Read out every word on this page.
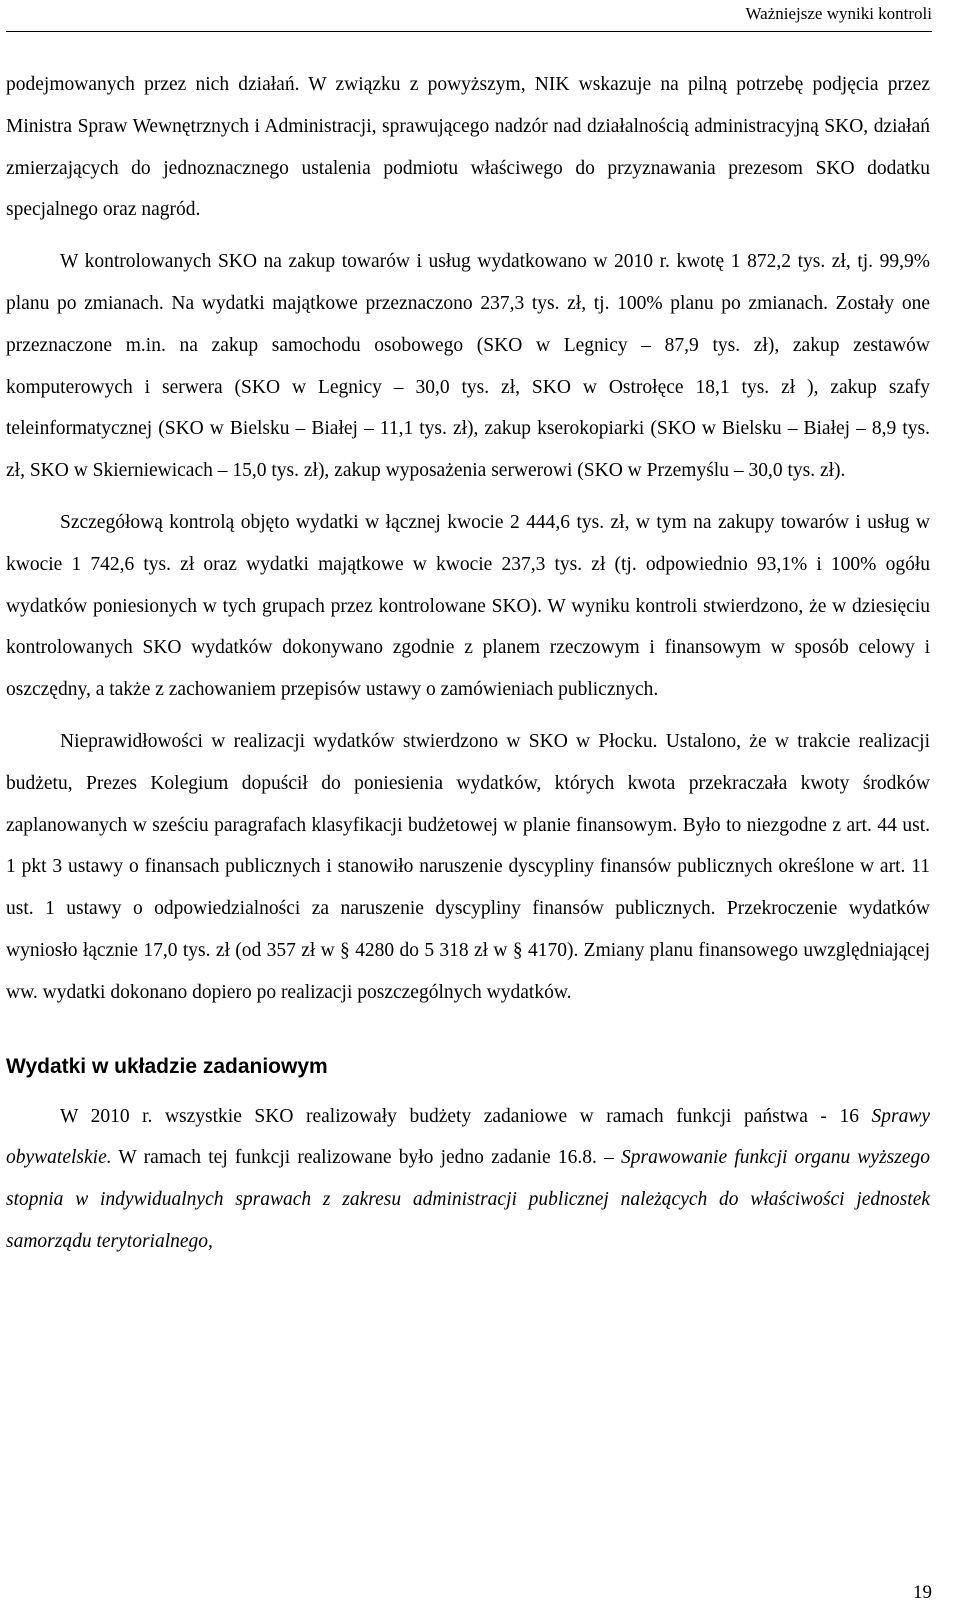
Ważniejsze wyniki kontroli

podejmowanych przez nich działań. W związku z powyższym, NIK wskazuje na pilną potrzebę podjęcia przez Ministra Spraw Wewnętrznych i Administracji, sprawującego nadzór nad działalnością administracyjną SKO, działań zmierzających do jednoznacznego ustalenia podmiotu właściwego do przyznawania prezesom SKO dodatku specjalnego oraz nagród.

W kontrolowanych SKO na zakup towarów i usług wydatkowano w 2010 r. kwotę 1 872,2 tys. zł, tj. 99,9% planu po zmianach. Na wydatki majątkowe przeznaczono 237,3 tys. zł, tj. 100% planu po zmianach. Zostały one przeznaczone m.in. na zakup samochodu osobowego (SKO w Legnicy – 87,9 tys. zł), zakup zestawów komputerowych i serwera (SKO w Legnicy – 30,0 tys. zł, SKO w Ostrołęce 18,1 tys. zł ), zakup szafy teleinformatycznej (SKO w Bielsku – Białej – 11,1 tys. zł), zakup kserokopiarki (SKO w Bielsku – Białej – 8,9 tys. zł, SKO w Skierniewicach – 15,0 tys. zł), zakup wyposażenia serwerowi (SKO w Przemyślu – 30,0 tys. zł).

Szczegółową kontrolą objęto wydatki w łącznej kwocie 2 444,6 tys. zł, w tym na zakupy towarów i usług w kwocie 1 742,6 tys. zł oraz wydatki majątkowe w kwocie 237,3 tys. zł (tj. odpowiednio 93,1% i 100% ogółu wydatków poniesionych w tych grupach przez kontrolowane SKO). W wyniku kontroli stwierdzono, że w dziesięciu kontrolowanych SKO wydatków dokonywano zgodnie z planem rzeczowym i finansowym w sposób celowy i oszczędny, a także z zachowaniem przepisów ustawy o zamówieniach publicznych.

Nieprawidłowości w realizacji wydatków stwierdzono w SKO w Płocku. Ustalono, że w trakcie realizacji budżetu, Prezes Kolegium dopuścił do poniesienia wydatków, których kwota przekraczała kwoty środków zaplanowanych w sześciu paragrafach klasyfikacji budżetowej w planie finansowym. Było to niezgodne z art. 44 ust. 1 pkt 3 ustawy o finansach publicznych i stanowiło naruszenie dyscypliny finansów publicznych określone w art. 11 ust. 1 ustawy o odpowiedzialności za naruszenie dyscypliny finansów publicznych. Przekroczenie wydatków wyniosło łącznie 17,0 tys. zł (od 357 zł w § 4280 do 5 318 zł w § 4170). Zmiany planu finansowego uwzględniającej ww. wydatki dokonano dopiero po realizacji poszczególnych wydatków.

Wydatki w układzie zadaniowym

W 2010 r. wszystkie SKO realizowały budżety zadaniowe w ramach funkcji państwa - 16 Sprawy obywatelskie. W ramach tej funkcji realizowane było jedno zadanie 16.8. – Sprawowanie funkcji organu wyższego stopnia w indywidualnych sprawach z zakresu administracji publicznej należących do właściwości jednostek samorządu terytorialnego,

19
